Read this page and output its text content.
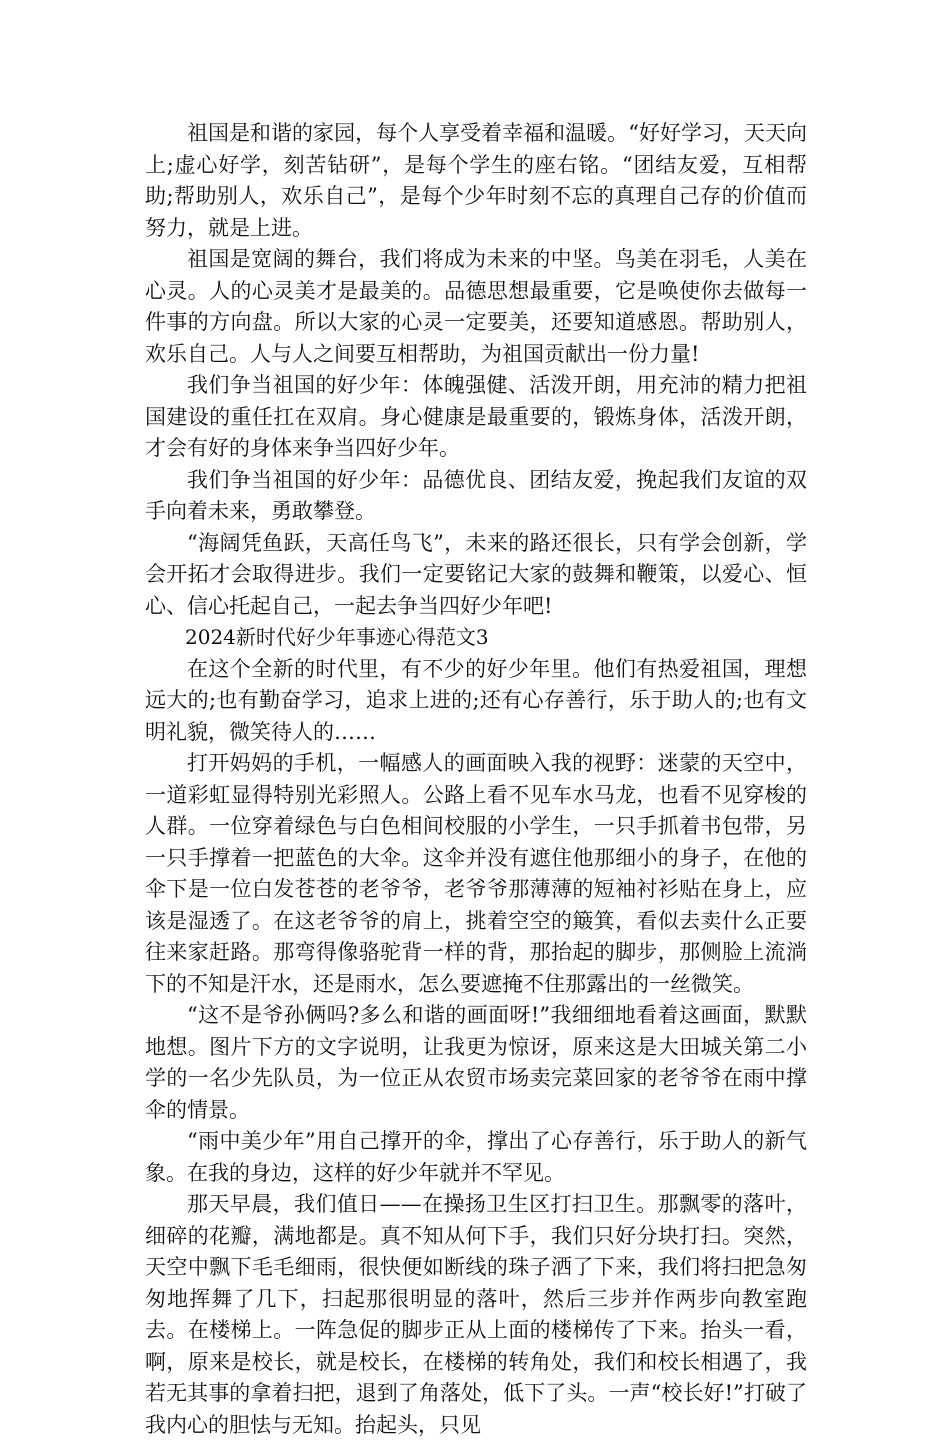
祖国是和谐的家园，每个人享受着幸福和温暖。“好好学习，天天向上;虚心好学，刻苦钻研”，是每个学生的座右铭。“团结友爱，互相帮助;帮助别人，欢乐自己”，是每个少年时刻不忘的真理自己存的价值而努力，就是上进。

祖国是宽阔的舞台，我们将成为未来的中坚。鸟美在羽毛，人美在心灵。人的心灵美才是最美的。品德思想最重要，它是唤使你去做每一件事的方向盘。所以大家的心灵一定要美，还要知道感恩。帮助别人，欢乐自己。人与人之间要互相帮助，为祖国贡献出一份力量!

我们争当祖国的好少年：体魄强健、活泼开朗，用充沛的精力把祖国建设的重任扛在双肩。身心健康是最重要的，锻炼身体，活泼开朗，才会有好的身体来争当四好少年。

我们争当祖国的好少年：品德优良、团结友爱，挽起我们友谊的双手向着未来，勇敢攀登。

“海阔凭鱼跃，天高任鸟飞”，未来的路还很长，只有学会创新，学会开拓才会取得进步。我们一定要铭记大家的鼓舞和鞭策，以爱心、恒心、信心托起自己，一起去争当四好少年吧!

2024新时代好少年事迹心得范文3

在这个全新的时代里，有不少的好少年里。他们有热爱祖国，理想远大的;也有勤奋学习，追求上进的;还有心存善行，乐于助人的;也有文明礼貌，微笑待人的……

打开妈妈的手机，一幅感人的画面映入我的视野：迷蒙的天空中，一道彩虹显得特别光彩照人。公路上看不见车水马龙，也看不见穿梭的人群。一位穿着绿色与白色相间校服的小学生，一只手抓着书包带，另一只手撑着一把蓝色的大伞。这伞并没有遮住他那细小的身子，在他的伞下是一位白发苍苍的老爷爷，老爷爷那薄薄的短袖衬衫贴在身上，应该是湿透了。在这老爷爷的肩上，挑着空空的簸箕，看似去卖什么正要往来家赶路。那弯得像骆驼背一样的背，那抬起的脚步，那侧脸上流淌下的不知是汗水，还是雨水，怎么要遮掩不住那露出的一丝微笑。

“这不是爷孙俩吗?多么和谐的画面呀!”我细细地看着这画面，默默地想。图片下方的文字说明，让我更为惊讶，原来这是大田城关第二小学的一名少先队员，为一位正从农贸市场卖完菜回家的老爷爷在雨中撑伞的情景。

“雨中美少年”用自己撑开的伞，撑出了心存善行，乐于助人的新气象。在我的身边，这样的好少年就并不罕见。

那天早晨，我们值日——在操扬卫生区打扫卫生。那飘零的落叶，细碎的花瓣，满地都是。真不知从何下手，我们只好分块打扫。突然，天空中飘下毛毛细雨，很快便如断线的珠子洒了下来，我们将扫把急匆匆地挥舞了几下，扫起那很明显的落叶，然后三步并作两步向教室跑去。在楼梯上。一阵急促的脚步正从上面的楼梯传了下来。抬头一看，啊，原来是校长，就是校长，在楼梯的转角处，我们和校长相遇了，我若无其事的拿着扫把，退到了角落处，低下了头。一声“校长好!”打破了我内心的胆怯与无知。抬起头，只见
